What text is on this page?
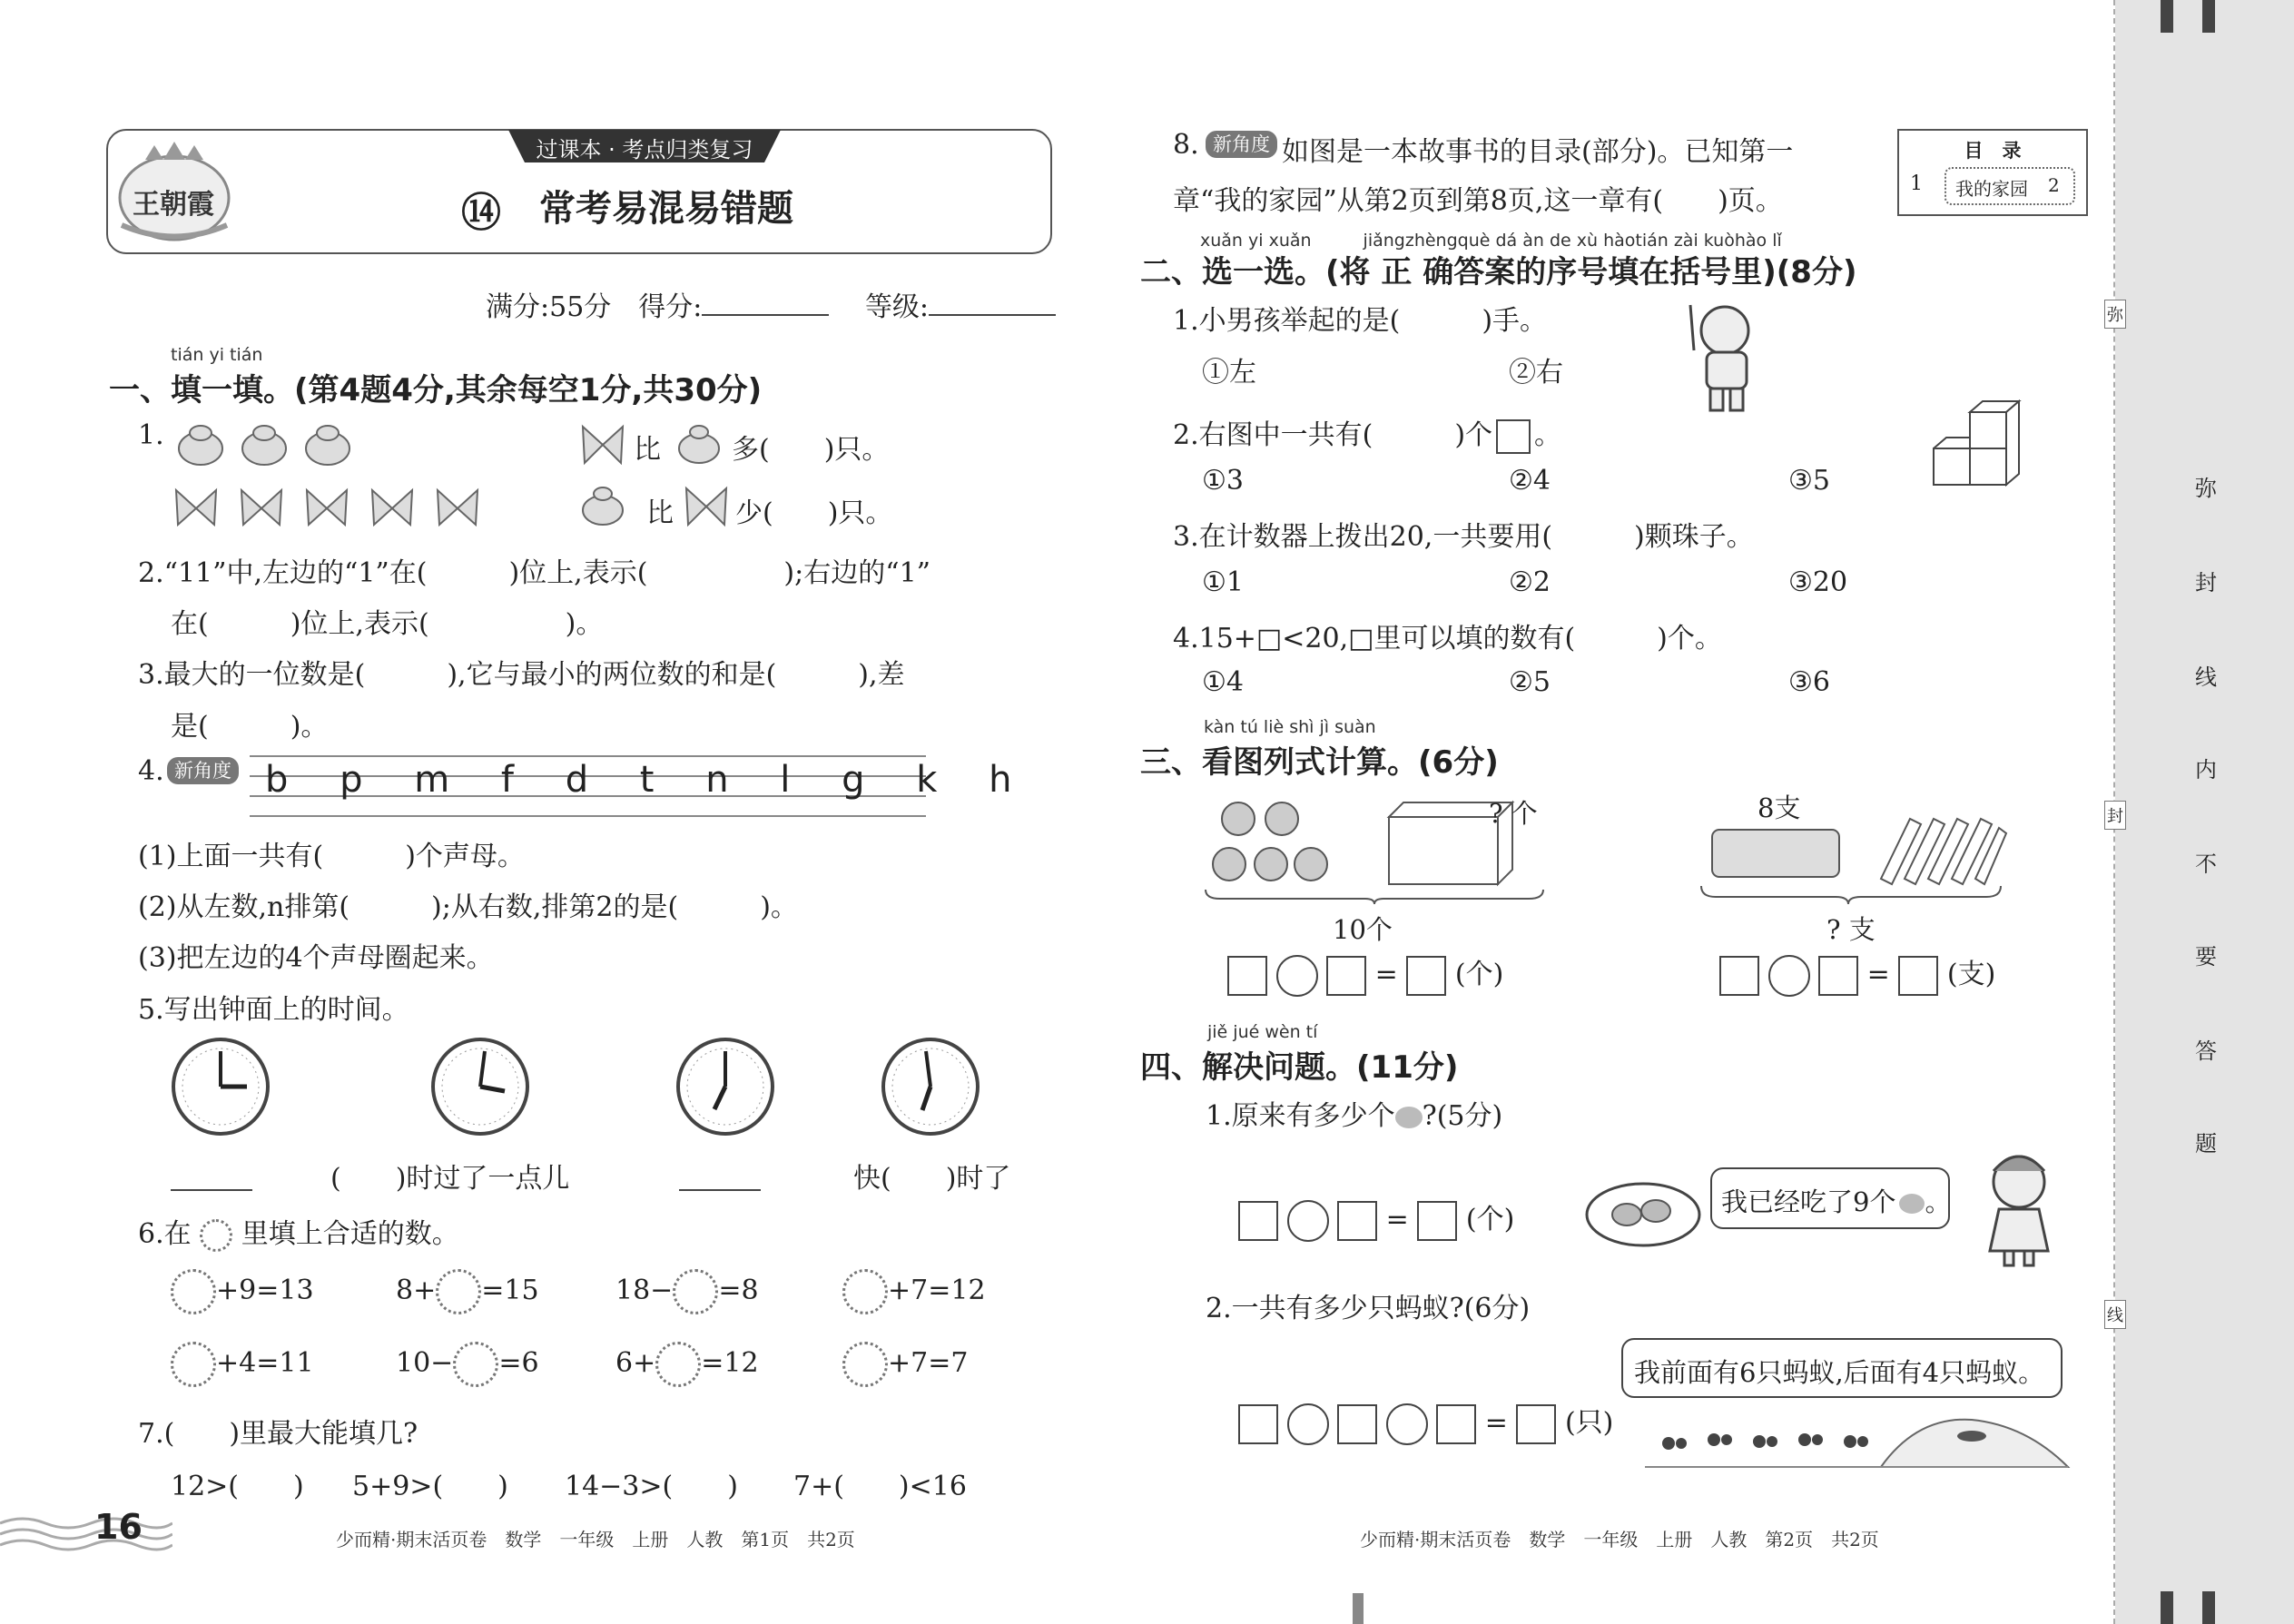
王朝霞
过课本 · 考点归类复习
⑭ 常考易混易错题
满分:55分　得分:	等级:
tián yi tián
一、填一填。(第4题4分,其余每空1分,共30分)
1.	比	多(　　)只。
比 少(　　)只。
2.“11”中,左边的“1”在(　　　)位上,表示(　　　　　);右边的“1”
在(　　　)位上,表示(　　　　　)。
3.最大的一位数是(　　　),它与最小的两位数的和是(　　　),差
是(　　　)。
4. 新角度 b p m f d t n l g k h
(1)上面一共有(　　　)个声母。
(2)从左数,n排第(　　　);从右数,排第2的是(　　　)。
(3)把左边的4个声母圈起来。
5.写出钟面上的时间。
(　　)时过了一点儿	快(　　)时了
6.在 里填上合适的数。
+9=13	8+ =15	18− =8	+7=12
+4=11	10− =6	6+ =12	+7=7
7.(　　)里最大能填几?
12>(　　) 5+9>(　　) 14−3>(　　) 7+(　　)<16
16	少而精·期末活页卷　数学　一年级　上册　人教　第1页　共2页
8. 新角度 如图是一本故事书的目录(部分)。已知第一
章“我的家园”从第2页到第8页,这一章有(　　)页。
目　录
1 我的家园 2
xuǎn yi xuǎn　　　jiǎngzhèngquè dá àn de xù hàotián zài kuòhào lǐ
二、选一选。(将 正 确答案的序号填在括号里)(8分)
1.小男孩举起的是(　　　)手。
①左	②右
2.右图中一共有(　　　)个 。
①3	②4	③5
3.在计数器上拨出20,一共要用(　　　)颗珠子。
①1	②2	③20
4.15+□<20,□里可以填的数有(　　　)个。
①4	②5	③6
kàn tú liè shì jì suàn
三、看图列式计算。(6分)
? 个
10个
=  (个)
8支
? 支
=  (支)
jiě jué wèn tí
四、解决问题。(11分)
1.原来有多少个 ?(5分)
=  (个)
我已经吃了9个 。
2.一共有多少只蚂蚁?(6分)
我前面有6只蚂蚁,后面有4只蚂蚁。
=  (只)
少而精·期末活页卷　数学　一年级　上册　人教　第2页　共2页
弥
封
线
弥
封
线
内
不
要
答
题
